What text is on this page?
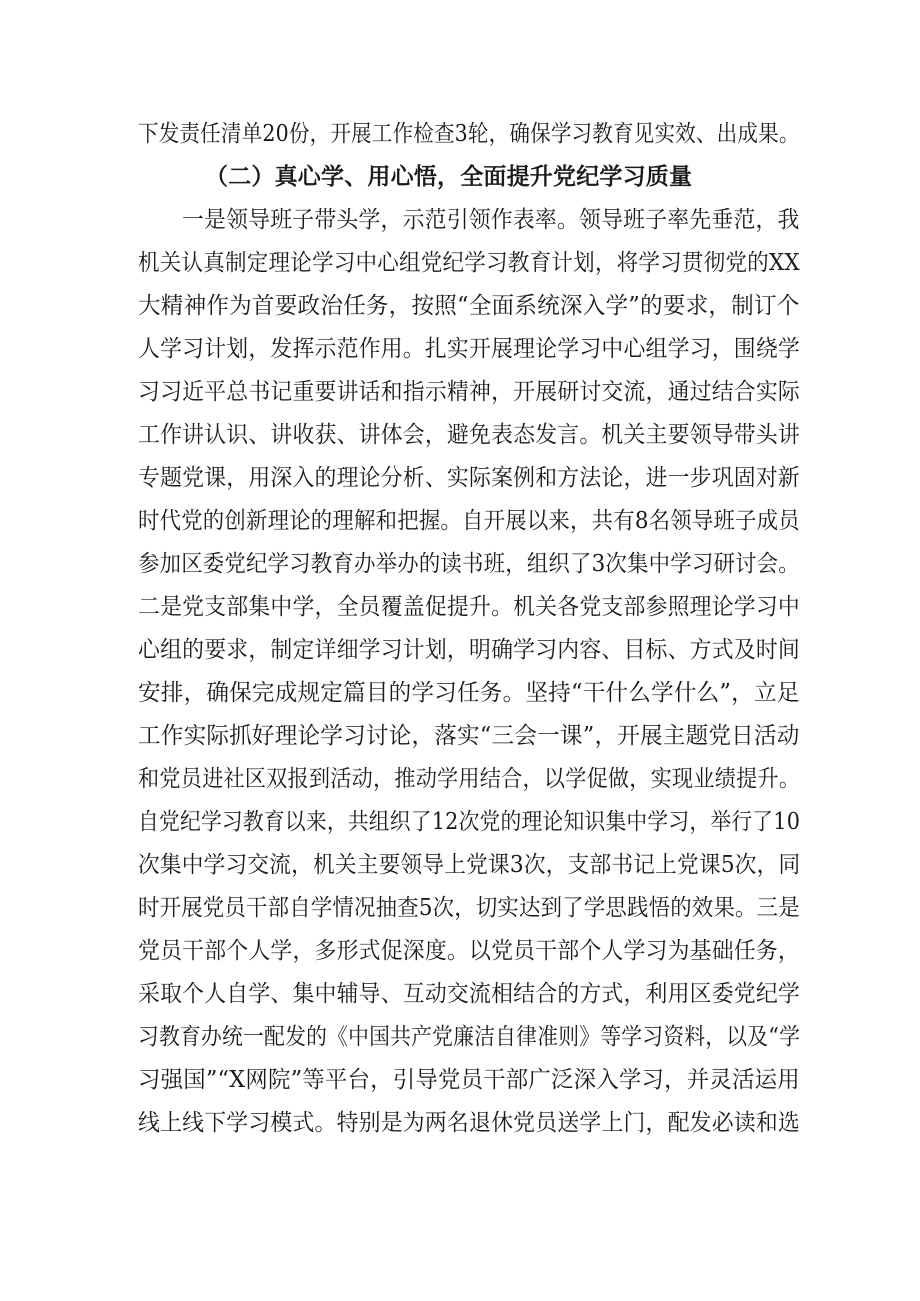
下发责任清单20份，开展工作检查3轮，确保学习教育见实效、出成果。
（二）真心学、用心悟，全面提升党纪学习质量
一是领导班子带头学，示范引领作表率。领导班子率先垂范，我
机关认真制定理论学习中心组党纪学习教育计划，将学习贯彻党的XX
大精神作为首要政治任务，按照“全面系统深入学”的要求，制订个
人学习计划，发挥示范作用。扎实开展理论学习中心组学习，围绕学
习习近平总书记重要讲话和指示精神，开展研讨交流，通过结合实际
工作讲认识、讲收获、讲体会，避免表态发言。机关主要领导带头讲
专题党课，用深入的理论分析、实际案例和方法论，进一步巩固对新
时代党的创新理论的理解和把握。自开展以来，共有8名领导班子成员
参加区委党纪学习教育办举办的读书班，组织了3次集中学习研讨会。
二是党支部集中学，全员覆盖促提升。机关各党支部参照理论学习中
心组的要求，制定详细学习计划，明确学习内容、目标、方式及时间
安排，确保完成规定篇目的学习任务。坚持“干什么学什么”，立足
工作实际抓好理论学习讨论，落实“三会一课”，开展主题党日活动
和党员进社区双报到活动，推动学用结合，以学促做，实现业绩提升。
自党纪学习教育以来，共组织了12次党的理论知识集中学习，举行了10
次集中学习交流，机关主要领导上党课3次，支部书记上党课5次，同
时开展党员干部自学情况抽查5次，切实达到了学思践悟的效果。三是
党员干部个人学，多形式促深度。以党员干部个人学习为基础任务，
采取个人自学、集中辅导、互动交流相结合的方式，利用区委党纪学
习教育办统一配发的《中国共产党廉洁自律准则》等学习资料，以及“学
习强国”“X网院”等平台，引导党员干部广泛深入学习，并灵活运用
线上线下学习模式。特别是为两名退休党员送学上门，配发必读和选
